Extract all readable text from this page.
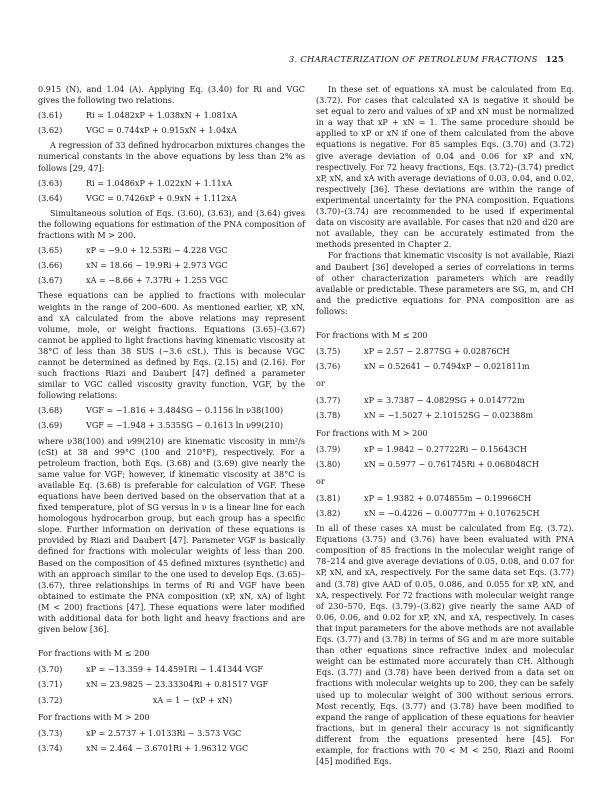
3. CHARACTERIZATION OF PETROLEUM FRACTIONS 125

0.915 (N), and 1.04 (A). Applying Eq. (3.40) for Ri and VGC gives the following two relations.

(3.61)	Ri = 1.0482xP + 1.038xN + 1.081xA
(3.62)	VGC = 0.744xP + 0.915xN + 1.04xA

A regression of 33 defined hydrocarbon mixtures changes the numerical constants in the above equations by less than 2% as follows [29, 47]:

(3.63)	Ri = 1.0486xP + 1.022xN + 1.11xA
(3.64)	VGC = 0.7426xP + 0.9xN + 1.112xA

Simultaneous solution of Eqs. (3.60), (3.63), and (3.64) gives the following equations for estimation of the PNA composition of fractions with M > 200.

(3.65)	xP = −9.0 + 12.53Ri − 4.228 VGC
(3.66)	xN = 18.66 − 19.9Ri + 2.973 VGC
(3.67)	xA = −8.66 + 7.37Ri + 1.255 VGC

These equations can be applied to fractions with molecular weights in the range of 200–600. As mentioned earlier, xP, xN, and xA calculated from the above relations may represent volume, mole, or weight fractions. Equations (3.65)–(3.67) cannot be applied to light fractions having kinematic viscosity at 38°C of less than 38 SUS (~3.6 cSt.). This is because VGC cannot be determined as defined by Eqs. (2.15) and (2.16). For such fractions Riazi and Daubert [47] defined a parameter similar to VGC called viscosity gravity function, VGF, by the following relations:

(3.68)	VGF = −1.816 + 3.484SG − 0.1156 ln ν38(100)
(3.69)	VGF = −1.948 + 3.535SG − 0.1613 ln ν99(210)

where ν38(100) and ν99(210) are kinematic viscosity in mm²/s (cSt) at 38 and 99°C (100 and 210°F), respectively. For a petroleum fraction, both Eqs. (3.68) and (3.69) give nearly the same value for VGF; however, if kinematic viscosity at 38°C is available Eq. (3.68) is preferable for calculation of VGF. These equations have been derived based on the observation that at a fixed temperature, plot of SG versus ln ν is a linear line for each homologous hydrocarbon group, but each group has a specific slope. Further information on derivation of these equations is provided by Riazi and Daubert [47]. Parameter VGF is basically defined for fractions with molecular weights of less than 200. Based on the composition of 45 defined mixtures (synthetic) and with an approach similar to the one used to develop Eqs. (3.65)–(3.67), three relationships in terms of Ri and VGF have been obtained to estimate the PNA composition (xP, xN, xA) of light (M < 200) fractions [47]. These equations were later modified with additional data for both light and heavy fractions and are given below [36].

For fractions with M ≤ 200
(3.70)	xP = −13.359 + 14.4591Ri − 1.41344 VGF
(3.71)	xN = 23.9825 − 23.33304Ri + 0.81517 VGF
(3.72)	xA = 1 − (xP + xN)
For fractions with M > 200
(3.73)	xP = 2.5737 + 1.0133Ri − 3.573 VGC
(3.74)	xN = 2.464 − 3.6701Ri + 1.96312 VGC

In these set of equations xA must be calculated from Eq. (3.72). For cases that calculated xA is negative it should be set equal to zero and values of xP and xN must be normalized in a way that xP + xN = 1. The same procedure should be applied to xP or xN if one of them calculated from the above equations is negative. For 85 samples Eqs. (3.70) and (3.72) give average deviation of 0.04 and 0.06 for xP and xN, respectively. For 72 heavy fractions, Eqs. (3.72)–(3.74) predict xP, xN, and xA with average deviations of 0.03, 0.04, and 0.02, respectively [36]. These deviations are within the range of experimental uncertainty for the PNA composition. Equations (3.70)–(3.74) are recommended to be used if experimental data on viscosity are available. For cases that n20 and d20 are not available, they can be accurately estimated from the methods presented in Chapter 2.

For fractions that kinematic viscosity is not available, Riazi and Daubert [36] developed a series of correlations in terms of other characterization parameters which are readily available or predictable. These parameters are SG, m, and CH and the predictive equations for PNA composition are as follows:

For fractions with M ≤ 200
(3.75)	xP = 2.57 − 2.877SG + 0.02876CH
(3.76)	xN = 0.52641 − 0.7494xP − 0.021811m
or
(3.77)	xP = 3.7387 − 4.0829SG + 0.014772m
(3.78)	xN = −1.5027 + 2.10152SG − 0.02388m
For fractions with M > 200
(3.79)	xP = 1.9842 − 0.27722Ri − 0.15643CH
(3.80)	xN = 0.5977 − 0.761745Ri + 0.068048CH
or
(3.81)	xP = 1.9382 + 0.074855m − 0.19966CH
(3.82)	xN = −0.4226 − 0.00777m + 0.107625CH

In all of these cases xA must be calculated from Eq. (3.72). Equations (3.75) and (3.76) have been evaluated with PNA composition of 85 fractions in the molecular weight range of 78–214 and give average deviations of 0.05, 0.08, and 0.07 for xP, xN, and xA, respectively. For the same data set Eqs. (3.77) and (3.78) give AAD of 0.05, 0.086, and 0.055 for xP, xN, and xA, respectively. For 72 fractions with molecular weight range of 230–570, Eqs. (3.79)–(3.82) give nearly the same AAD of 0.06, 0.06, and 0.02 for xP, xN, and xA, respectively. In cases that input parameters for the above methods are not available Eqs. (3.77) and (3.78) in terms of SG and m are more suitable than other equations since refractive index and molecular weight can be estimated more accurately than CH. Although Eqs. (3.77) and (3.78) have been derived from a data set on fractions with molecular weights up to 200, they can be safely used up to molecular weight of 300 without serious errors. Most recently, Eqs. (3.77) and (3.78) have been modified to expand the range of application of these equations for heavier fractions, but in general their accuracy is not significantly different from the equations presented here [45]. For example, for fractions with 70 < M < 250, Riazi and Roomi [45] modified Eqs.
